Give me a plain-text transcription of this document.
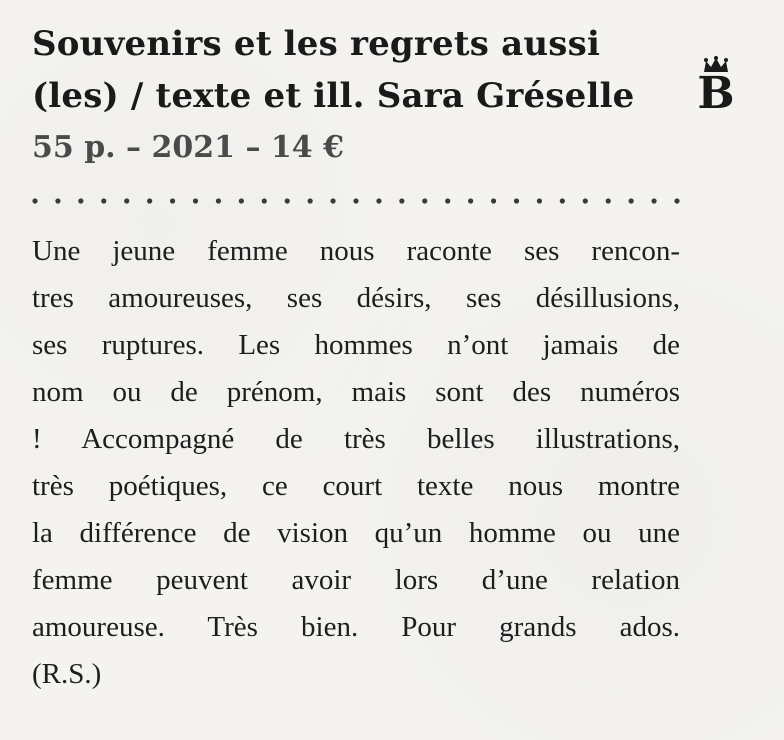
Souvenirs et les regrets aussi
(les) / texte et ill. Sara Gréselle	B
55 p. – 2021 – 14 €
Une jeune femme nous raconte ses rencon-
tres amoureuses, ses désirs, ses désillusions,
ses ruptures. Les hommes n’ont jamais de
nom ou de prénom, mais sont des numéros
! Accompagné de très belles illustrations,
très poétiques, ce court texte nous montre
la différence de vision qu’un homme ou une
femme peuvent avoir lors d’une relation
amoureuse. Très bien. Pour grands ados.
(R.S.)
